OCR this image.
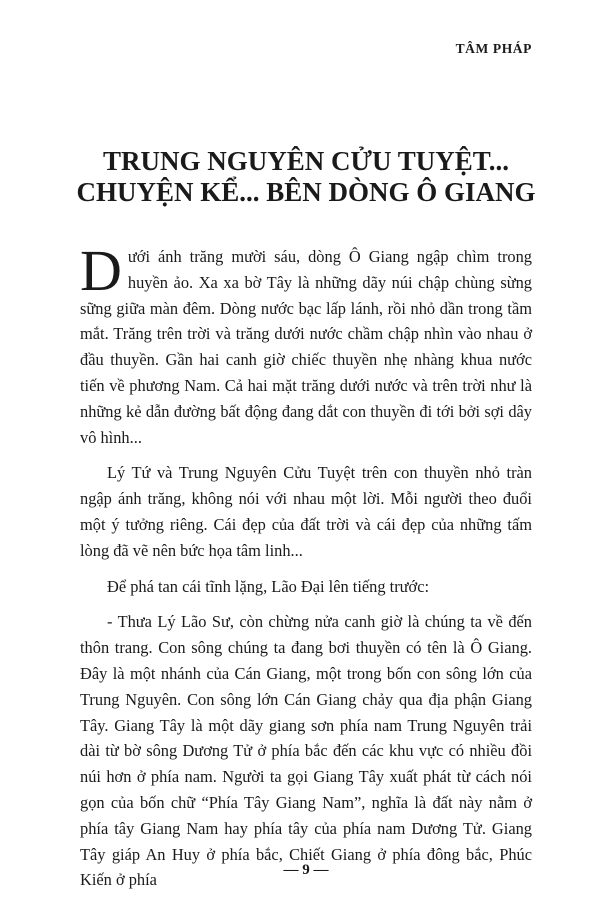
TÂM PHÁP
TRUNG NGUYÊN CỬU TUYỆT...
CHUYỆN KỂ... BÊN DÒNG Ô GIANG

Dưới ánh trăng mười sáu, dòng Ô Giang ngập chìm trong huyền ảo. Xa xa bờ Tây là những dãy núi chập chùng sừng sững giữa màn đêm. Dòng nước bạc lấp lánh, rồi nhỏ dần trong tầm mắt. Trăng trên trời và trăng dưới nước chầm chập nhìn vào nhau ở đầu thuyền. Gần hai canh giờ chiếc thuyền nhẹ nhàng khua nước tiến về phương Nam. Cả hai mặt trăng dưới nước và trên trời như là những kẻ dẫn đường bất động đang dắt con thuyền đi tới bởi sợi dây vô hình...

Lý Tứ và Trung Nguyên Cửu Tuyệt trên con thuyền nhỏ tràn ngập ánh trăng, không nói với nhau một lời. Mỗi người theo đuổi một ý tưởng riêng. Cái đẹp của đất trời và cái đẹp của những tấm lòng đã vẽ nên bức họa tâm linh...

Để phá tan cái tĩnh lặng, Lão Đại lên tiếng trước:

- Thưa Lý Lão Sư, còn chừng nửa canh giờ là chúng ta về đến thôn trang. Con sông chúng ta đang bơi thuyền có tên là Ô Giang. Đây là một nhánh của Cán Giang, một trong bốn con sông lớn của Trung Nguyên. Con sông lớn Cán Giang chảy qua địa phận Giang Tây. Giang Tây là một dãy giang sơn phía nam Trung Nguyên trải dài từ bờ sông Dương Tử ở phía bắc đến các khu vực có nhiều đồi núi hơn ở phía nam. Người ta gọi Giang Tây xuất phát từ cách nói gọn của bốn chữ “Phía Tây Giang Nam”, nghĩa là đất này nằm ở phía tây Giang Nam hay phía tây của phía nam Dương Tử. Giang Tây giáp An Huy ở phía bắc, Chiết Giang ở phía đông bắc, Phúc Kiến ở phía

— 9 —
